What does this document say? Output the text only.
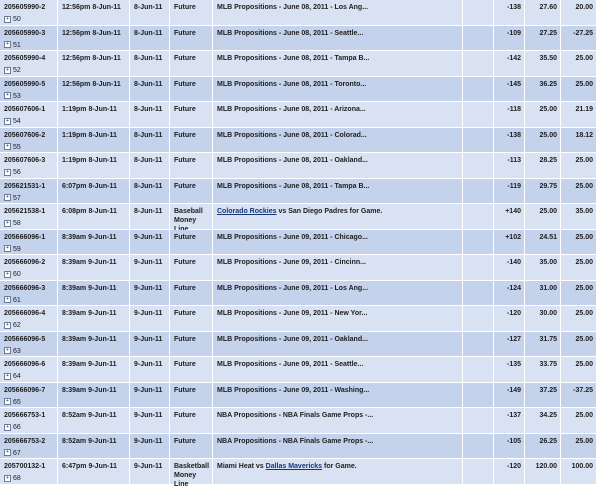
205605990-2
+ 50
12:56pm 8-Jun-11	8-Jun-11	Future	MLB Propositions - June 08, 2011 - Los Ang...	-138	27.60	20.00
205605990-3
+ 51
12:56pm 8-Jun-11	8-Jun-11	Future	MLB Propositions - June 08, 2011 - Seattle...	-109	27.25	-27.25
205605990-4
+ 52
12:56pm 8-Jun-11	8-Jun-11	Future	MLB Propositions - June 08, 2011 - Tampa B...	-142	35.50	25.00
205605990-5
+ 53
12:56pm 8-Jun-11	8-Jun-11	Future	MLB Propositions - June 08, 2011 - Toronto...	-145	36.25	25.00
205607606-1
+ 54
1:19pm 8-Jun-11	8-Jun-11	Future	MLB Propositions - June 08, 2011 - Arizona...	-118	25.00	21.19
205607606-2
+ 55
1:19pm 8-Jun-11	8-Jun-11	Future	MLB Propositions - June 08, 2011 - Colorad...	-138	25.00	18.12
205607606-3
+ 56
1:19pm 8-Jun-11	8-Jun-11	Future	MLB Propositions - June 08, 2011 - Oakland...	-113	28.25	25.00
205621531-1
+ 57
6:07pm 8-Jun-11	8-Jun-11	Future	MLB Propositions - June 08, 2011 - Tampa B...	-119	29.75	25.00
205621538-1
+ 58
6:08pm 8-Jun-11	8-Jun-11	Baseball Money
Colorado Rockies vs San Diego Padres for Game.	+140	25.00	35.00
205666096-1
+ 59
8:39am 9-Jun-11	9-Jun-11	Future	MLB Propositions - June 09, 2011 - Chicago...	+102	24.51	25.00
205666096-2
+ 60
8:39am 9-Jun-11	9-Jun-11	Future	MLB Propositions - June 09, 2011 - Cincinn...	-140	35.00	25.00
205666096-3
+ 61
8:39am 9-Jun-11	9-Jun-11	Future	MLB Propositions - June 09, 2011 - Los Ang...	-124	31.00	25.00
205666096-4
+ 62
8:39am 9-Jun-11	9-Jun-11	Future	MLB Propositions - June 09, 2011 - New Yor...	-120	30.00	25.00
205666096-5
+ 63
8:39am 9-Jun-11	9-Jun-11	Future	MLB Propositions - June 09, 2011 - Oakland...	-127	31.75	25.00
205666096-6
+ 64
8:39am 9-Jun-11	9-Jun-11	Future	MLB Propositions - June 09, 2011 - Seattle...	-135	33.75	25.00
205666096-7
+ 65
8:39am 9-Jun-11	9-Jun-11	Future	MLB Propositions - June 09, 2011 - Washing...	-149	37.25	-37.25
205666753-1
+ 66
8:52am 9-Jun-11	9-Jun-11	Future	NBA Propositions - NBA Finals Game Props -...	-137	34.25	25.00
205666753-2
+ 67
8:52am 9-Jun-11	9-Jun-11	Future	NBA Propositions - NBA Finals Game Props -...	-105	26.25	25.00
205700132-1
+ 68
6:47pm 9-Jun-11	9-Jun-11	Basketball Money Line
Miami Heat vs Dallas Mavericks for Game.	-120	120.00	100.00
